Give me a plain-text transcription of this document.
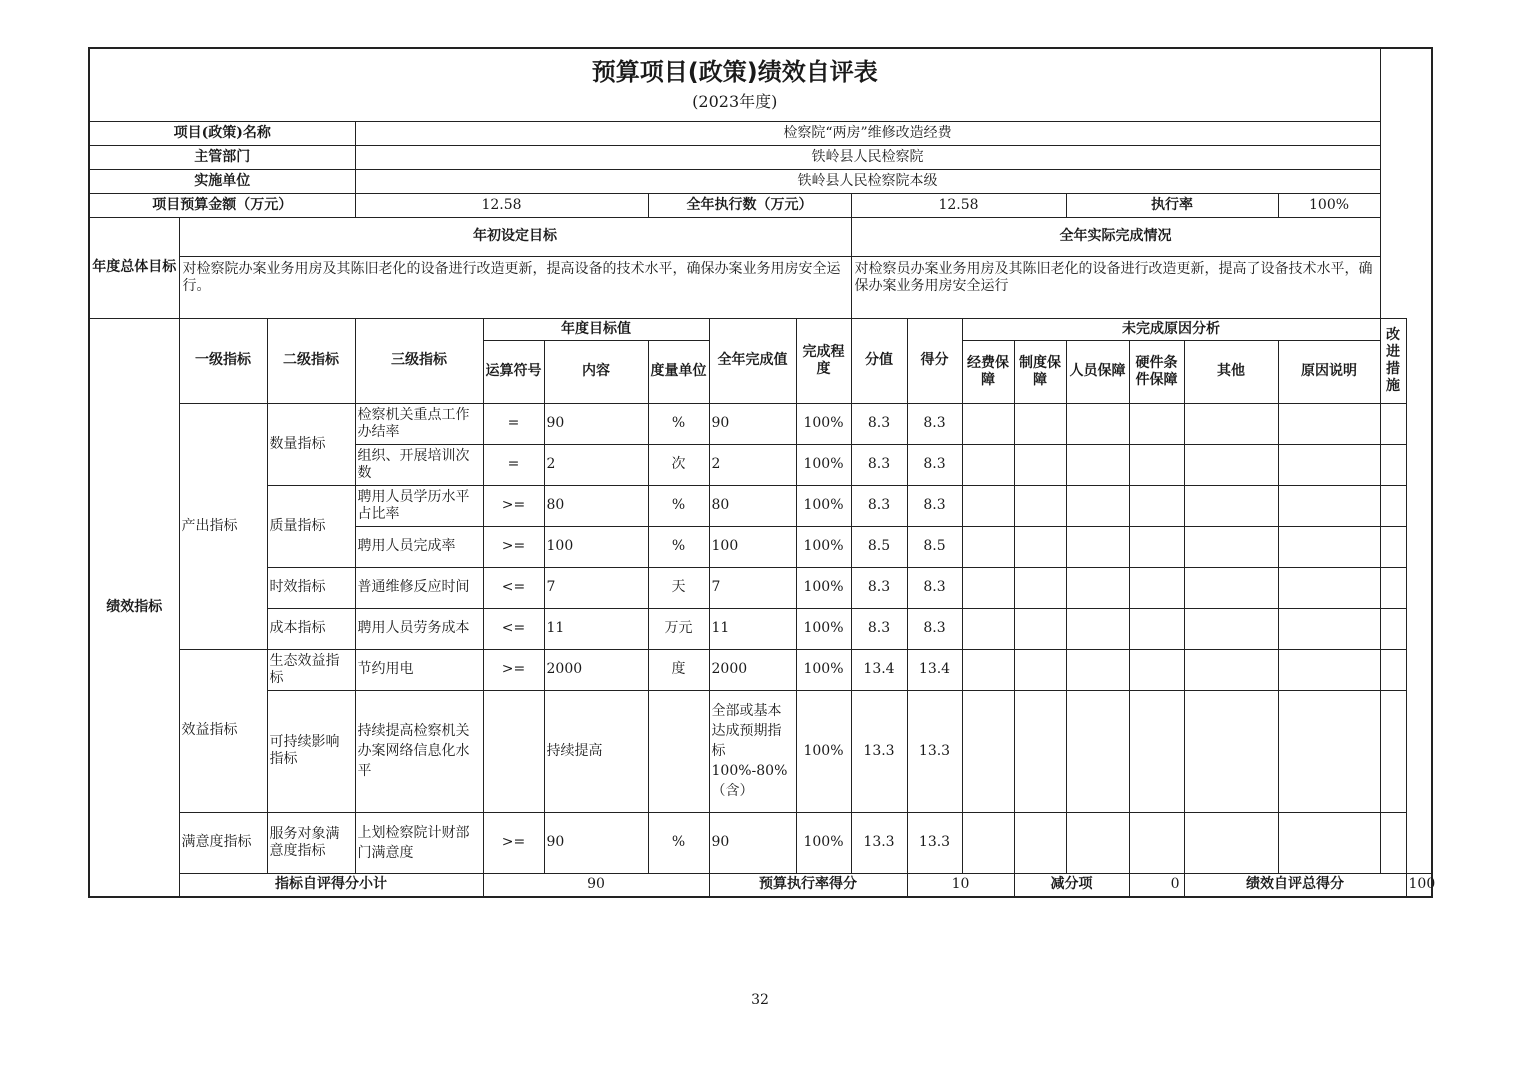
预算项目(政策)绩效自评表
(2023年度)																		

项目(政策)名称			检察院“两房”维修改造经费															
主管部门			铁岭县人民检察院															
实施单位			铁岭县人民检察院本级															
项目预算金额（万元）			12.58			全年执行数（万元）			12.58				执行率			100%		
年度总体目标	年初设定目标								全年实际完成情况									
	对检察院办案业务用房及其陈旧老化的设备进行改造更新，提高设备的技术水平，确保办案业务用房安全运行。								对检察员办案业务用房及其陈旧老化的设备进行改造更新，提高了设备技术水平，确保办案业务用房安全运行									
绩效指标	一级指标	二级指标	三级指标	年度目标值			全年完成值	完成程度	分值	得分	未完成原因分析						改进措施	
				运算符号	内容	度量单位					经费保障	制度保障	人员保障	硬件条件保障	其他	原因说明		
	产出指标	数量指标	检察机关重点工作办结率	=	90	%	90	100%	8.3	8.3								
			组织、开展培训次数	=	2	次	2	100%	8.3	8.3								
		质量指标	聘用人员学历水平占比率	>=	80	%	80	100%	8.3	8.3								
			聘用人员完成率	>=	100	%	100	100%	8.5	8.5								
		时效指标	普通维修反应时间	<=	7	天	7	100%	8.3	8.3								
		成本指标	聘用人员劳务成本	<=	11	万元	11	100%	8.3	8.3								
	效益指标	生态效益指标	节约用电	>=	2000	度	2000	100%	13.4	13.4								
		可持续影响指标	持续提高检察机关办案网络信息化水平		持续提高		全部或基本达成预期指标100%-80%（含）	100%	13.3	13.3								
	满意度指标	服务对象满意度指标	上划检察院计财部门满意度	>=	90	%	90	100%	13.3	13.3								
	指标自评得分小计			90			预算执行率得分			10		减分项		0	绩效自评总得分			100
32
